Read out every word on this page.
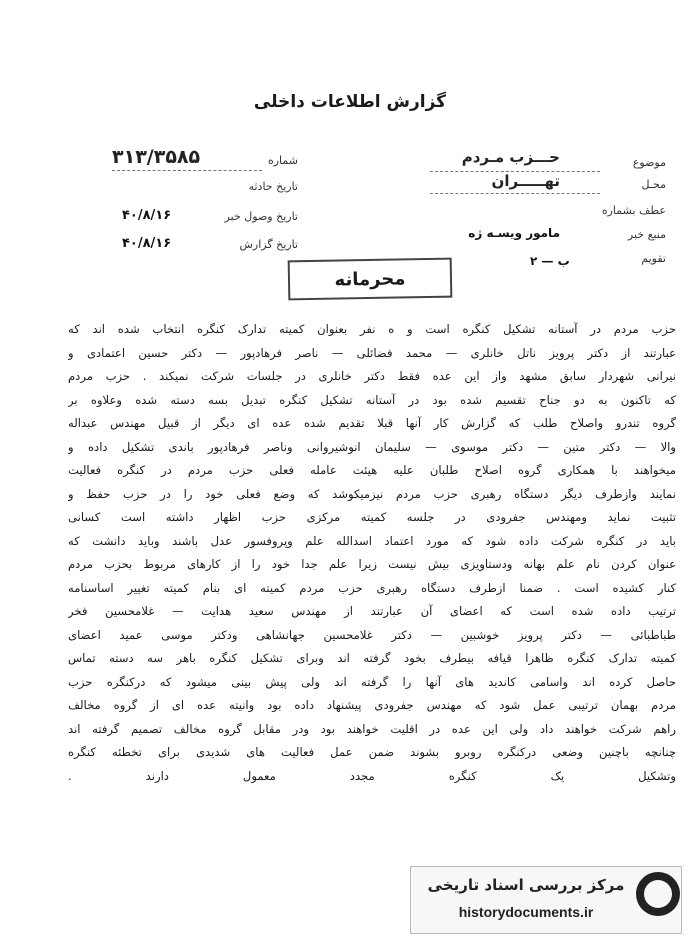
گزارش اطلاعات داخلی
موضوع
حـــزب مـردم
محـل
تهـــــران
عطف بشماره
منبع خبر
مامور ویسـه ژه
تقویم
ب — ۲
شماره
۳۱۳/۳۵۸۵
تاریخ حادثه
تاریخ وصول خبر
۴۰/۸/۱۶
تاریخ گزارش
۴۰/۸/۱۶
محرمانه
حزب مردم در آستانه تشکیل کنگره است و ه نفر بعنوان کمیته تدارک کنگره انتخاب شده اند که
عبارتند از دکتر پرویز ناتل خانلری — محمد فضائلی — ناصر فرهادپور — دکتر حسین اعتمادی و
نیرانی شهردار سابق مشهد واز این عده فقط دکتر خانلری در جلسات شرکت نمیکند . حزب مردم
که تاکنون به دو جناح تقسیم شده بود در آستانه تشکیل کنگره تبدیل بسه دسته شده وعلاوه بر
گروه تندرو واصلاح طلب که گزارش کار آنها قبلا تقدیم شده عده ای دیگر از قبیل مهندس عبداله
والا — دکتر متین — دکتر موسوی — سلیمان انوشیروانی وناصر فرهادپور باندی تشکیل داده و
میخواهند با همکاری گروه اصلاح طلبان علیه هیئت عامله فعلی حزب مردم در کنگره فعالیت
نمایند وازطرف دیگر دستگاه رهبری حزب مردم نیزمیکوشد که وضع فعلی خود را در حزب حفظ و
تثبیت نماید ومهندس جفرودی در جلسه کمیته مرکزی حزب اظهار داشته است کسانی
باید در کنگره شرکت داده شود که مورد اعتماد اسدالله علم وپروفسور عدل باشند وباید دانشت که
عنوان کردن نام علم بهانه ودستاویزی بیش نیست زیرا علم جدا خود را از کارهای مربوط بحزب مردم
کنار کشیده است . ضمنا ازطرف دستگاه رهبری حزب مردم کمیته ای بنام کمیته تغییر اساسنامه
ترتیب داده شده است که اعضای آن عبارتند از مهندس سعید هدایت — غلامحسین فخر
طباطبائی — دکتر پرویز خوشبین — دکتر غلامحسین جهانشاهی ودکتر موسی عمید اعضای
کمیته تدارک کنگره ظاهرا قیافه بیطرف بخود گرفته اند وبرای تشکیل کنگره باهر سه دسته تماس
حاصل کرده اند واسامی کاندید های آنها را گرفته اند ولی پیش بینی میشود که درکنگره حزب
مردم بهمان ترتیبی عمل شود که مهندس جفرودی پیشنهاد داده بود وانیته عده ای از گروه مخالف
راهم شرکت خواهند داد ولی این عده در اقلیت خواهند بود ودر مقابل گروه مخالف تصمیم گرفته اند
چنانچه باچنین وضعی درکنگره روبرو بشوند ضمن عمل فعالیت های شدیدی برای تخطئه کنگره
وتشکیل یک کنگره مجدد معمول دارند .
مرکز بررسی اسناد تاریخی
historydocuments.ir
